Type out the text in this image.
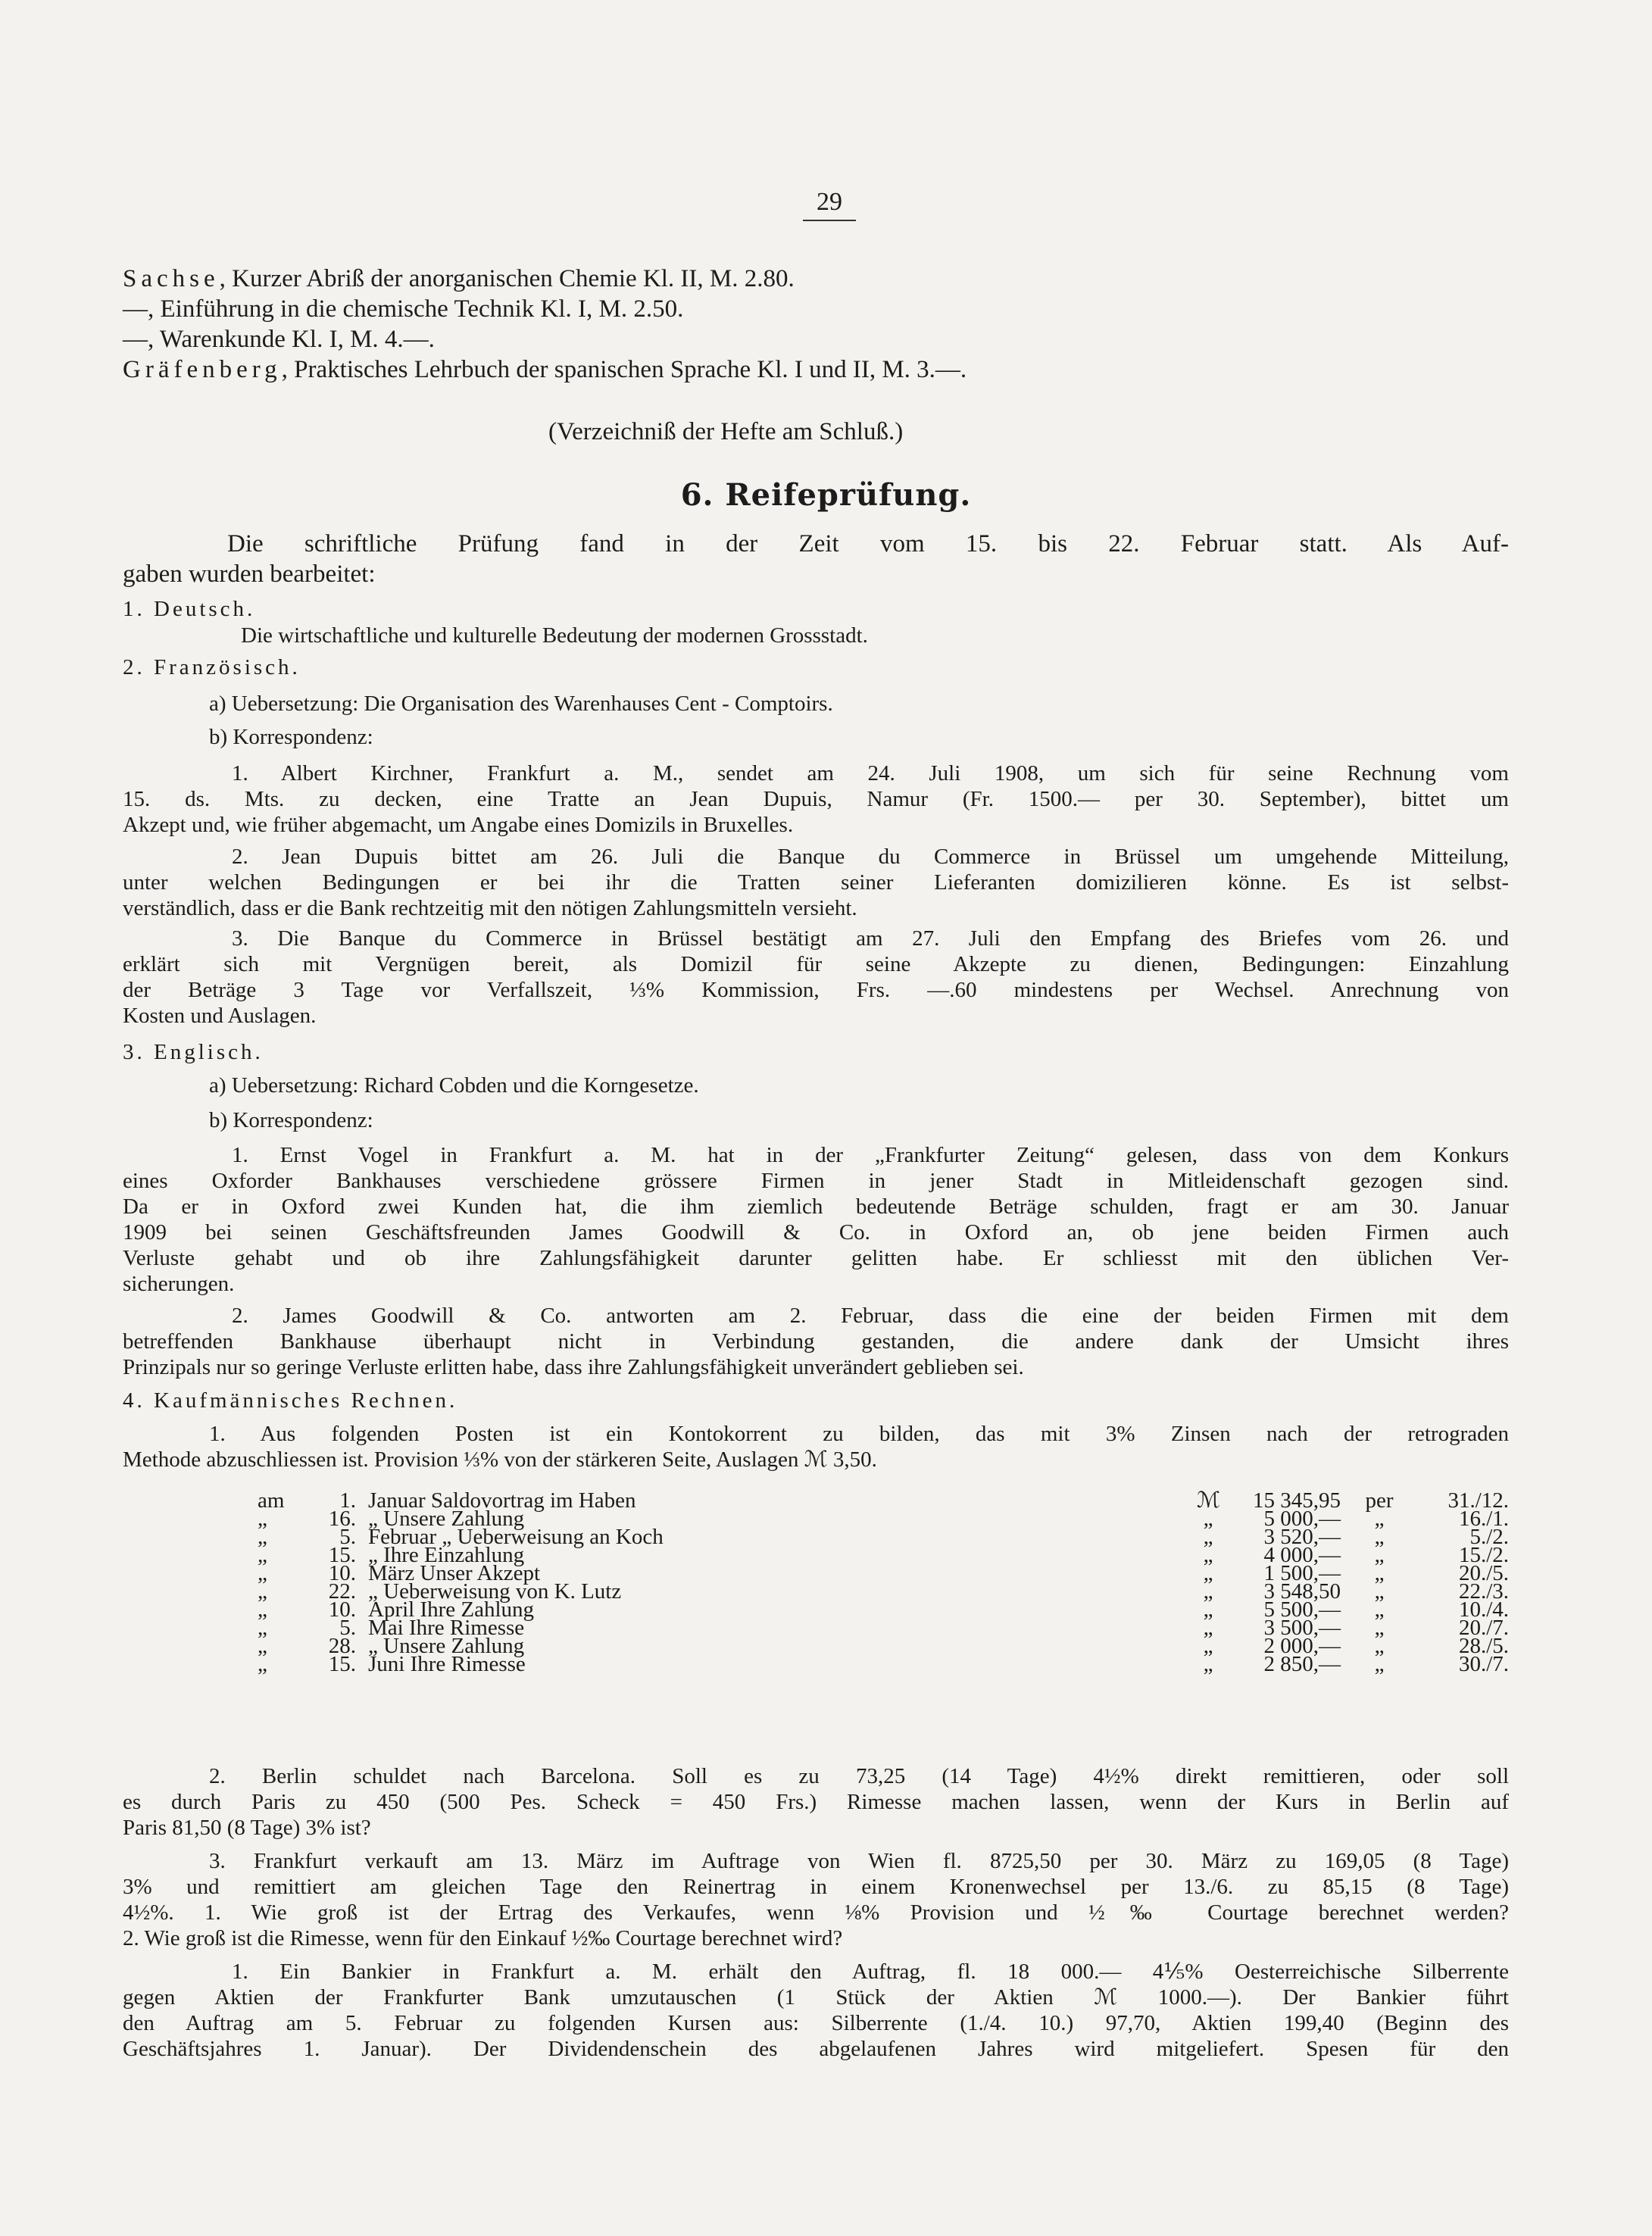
29
Sachse, Kurzer Abriß der anorganischen Chemie Kl. II, M. 2.80.
—, Einführung in die chemische Technik Kl. I, M. 2.50.
—, Warenkunde Kl. I, M. 4.—.
Gräfenberg, Praktisches Lehrbuch der spanischen Sprache Kl. I und II, M. 3.—.
(Verzeichniß der Hefte am Schluß.)
6. Reifeprüfung.
Die schriftliche Prüfung fand in der Zeit vom 15. bis 22. Februar statt. Als Auf-
gaben wurden bearbeitet:
1. Deutsch.
Die wirtschaftliche und kulturelle Bedeutung der modernen Grossstadt.
2. Französisch.
a) Uebersetzung: Die Organisation des Warenhauses Cent - Comptoirs.
b) Korrespondenz:
1. Albert Kirchner, Frankfurt a. M., sendet am 24. Juli 1908, um sich für seine Rechnung vom
15. ds. Mts. zu decken, eine Tratte an Jean Dupuis, Namur (Fr. 1500.— per 30. September), bittet um
Akzept und, wie früher abgemacht, um Angabe eines Domizils in Bruxelles.
2. Jean Dupuis bittet am 26. Juli die Banque du Commerce in Brüssel um umgehende Mitteilung,
unter welchen Bedingungen er bei ihr die Tratten seiner Lieferanten domizilieren könne. Es ist selbst-
verständlich, dass er die Bank rechtzeitig mit den nötigen Zahlungsmitteln versieht.
3. Die Banque du Commerce in Brüssel bestätigt am 27. Juli den Empfang des Briefes vom 26. und
erklärt sich mit Vergnügen bereit, als Domizil für seine Akzepte zu dienen, Bedingungen: Einzahlung
der Beträge 3 Tage vor Verfallszeit, ⅓% Kommission, Frs. —.60 mindestens per Wechsel. Anrechnung von
Kosten und Auslagen.
3. Englisch.
a) Uebersetzung: Richard Cobden und die Korngesetze.
b) Korrespondenz:
1. Ernst Vogel in Frankfurt a. M. hat in der „Frankfurter Zeitung“ gelesen, dass von dem Konkurs
eines Oxforder Bankhauses verschiedene grössere Firmen in jener Stadt in Mitleidenschaft gezogen sind.
Da er in Oxford zwei Kunden hat, die ihm ziemlich bedeutende Beträge schulden, fragt er am 30. Januar
1909 bei seinen Geschäftsfreunden James Goodwill & Co. in Oxford an, ob jene beiden Firmen auch
Verluste gehabt und ob ihre Zahlungsfähigkeit darunter gelitten habe. Er schliesst mit den üblichen Ver-
sicherungen.
2. James Goodwill & Co. antworten am 2. Februar, dass die eine der beiden Firmen mit dem
betreffenden Bankhause überhaupt nicht in Verbindung gestanden, die andere dank der Umsicht ihres
Prinzipals nur so geringe Verluste erlitten habe, dass ihre Zahlungsfähigkeit unverändert geblieben sei.
4. Kaufmännisches Rechnen.
1. Aus folgenden Posten ist ein Kontokorrent zu bilden, das mit 3% Zinsen nach der retrograden
Methode abzuschliessen ist. Provision ⅓% von der stärkeren Seite, Auslagen ℳ 3,50.
am	1. Januar Saldovortrag im Haben	ℳ	15 345,95	per	31./12.
„	16. „ Unsere Zahlung	„	5 000,—	„	16./1.
„	5. Februar „ Ueberweisung an Koch	„	3 520,—	„	5./2.
„	15. „ Ihre Einzahlung	„	4 000,—	„	15./2.
„	10. März Unser Akzept	„	1 500,—	„	20./5.
„	22. „ Ueberweisung von K. Lutz	„	3 548,50	„	22./3.
„	10. April Ihre Zahlung	„	5 500,—	„	10./4.
„	5. Mai Ihre Rimesse	„	3 500,—	„	20./7.
„	28. „ Unsere Zahlung	„	2 000,—	„	28./5.
„	15. Juni Ihre Rimesse	„	2 850,—	„	30./7.
2. Berlin schuldet nach Barcelona. Soll es zu 73,25 (14 Tage) 4½% direkt remittieren, oder soll
es durch Paris zu 450 (500 Pes. Scheck = 450 Frs.) Rimesse machen lassen, wenn der Kurs in Berlin auf
Paris 81,50 (8 Tage) 3% ist?
3. Frankfurt verkauft am 13. März im Auftrage von Wien fl. 8725,50 per 30. März zu 169,05 (8 Tage)
3% und remittiert am gleichen Tage den Reinertrag in einem Kronenwechsel per 13./6. zu 85,15 (8 Tage)
4½%. 1. Wie groß ist der Ertrag des Verkaufes, wenn ⅛% Provision und ½‰ Courtage berechnet werden?
2. Wie groß ist die Rimesse, wenn für den Einkauf ½‰ Courtage berechnet wird?
1. Ein Bankier in Frankfurt a. M. erhält den Auftrag, fl. 18 000.— 4⅕% Oesterreichische Silberrente
gegen Aktien der Frankfurter Bank umzutauschen (1 Stück der Aktien ℳ 1000.—). Der Bankier führt
den Auftrag am 5. Februar zu folgenden Kursen aus: Silberrente (1./4. 10.) 97,70, Aktien 199,40 (Beginn des
Geschäftsjahres 1. Januar). Der Dividendenschein des abgelaufenen Jahres wird mitgeliefert. Spesen für den
